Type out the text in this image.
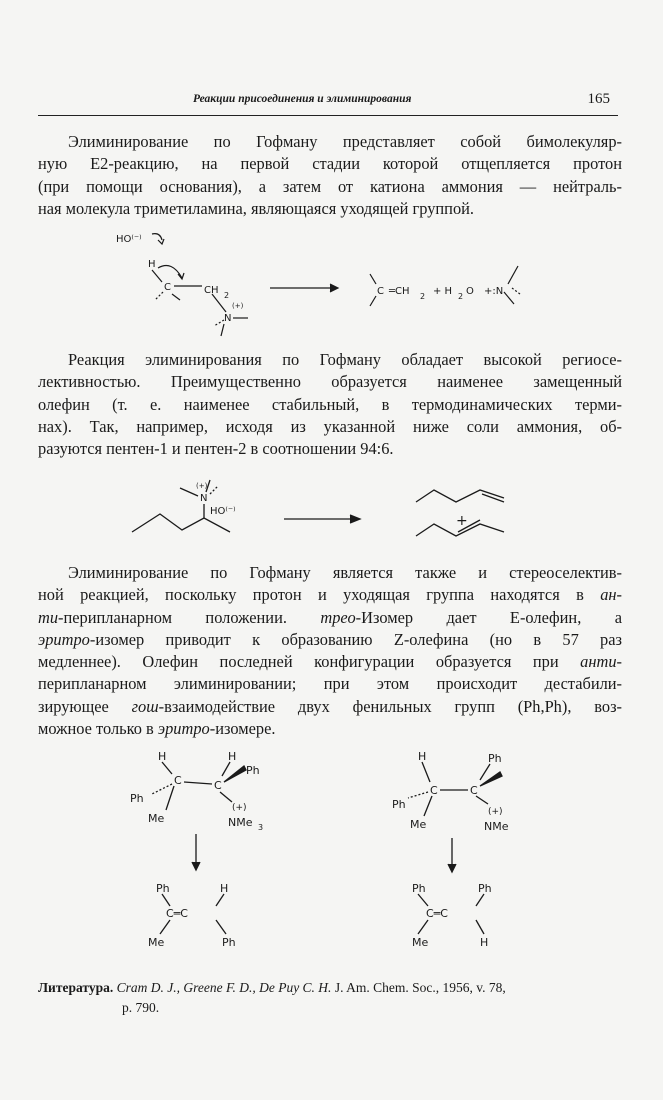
Реакции присоединения и элиминирования	165
Элиминирование по Гофману представляет собой бимолекуляр-
ную Е2-реакцию, на первой стадии которой отщепляется протон
(при помощи основания), а затем от катиона аммония — нейтраль-
ная молекула триметиламина, являющаяся уходящей группой.
HO⁽⁻⁾
H
C	CH 2
(+)
N
C ═CH 2 + H 2 O +:N
Реакция элиминирования по Гофману обладает высокой региосе-
лективностью. Преимущественно образуется наименее замещенный
олефин (т. е. наименее стабильный, в термодинамических терми-
нах). Так, например, исходя из указанной ниже соли аммония, об-
разуются пентен-1 и пентен-2 в соотношении 94:6.
(+)
N
HO⁽⁻⁾
+
Элиминирование по Гофману является также и стереоселектив-
ной реакцией, поскольку протон и уходящая группа находятся в ан-
ти-перипланарном положении. трео-Изомер дает Е-олефин, а
эритро-изомер приводит к образованию Z-олефина (но в 57 раз
медленнее). Олефин последней конфигурации образуется при анти-
перипланарном элиминировании; при этом происходит дестабили-
зирующее гош-взаимодействие двух фенильных групп (Ph,Ph), воз-
можное только в эритро-изомере.
H	H
Ph
Ph
C	C
Me
(+)
NMe 3
Ph	H
C═C
Me	Ph
H	Ph
Ph
C	C
Me
(+)
NMe
Ph	Ph
C═C
Me	H
Литература. Cram D. J., Greene F. D., De Puy C. H. J. Am. Chem. Soc., 1956, v. 78,
p. 790.
